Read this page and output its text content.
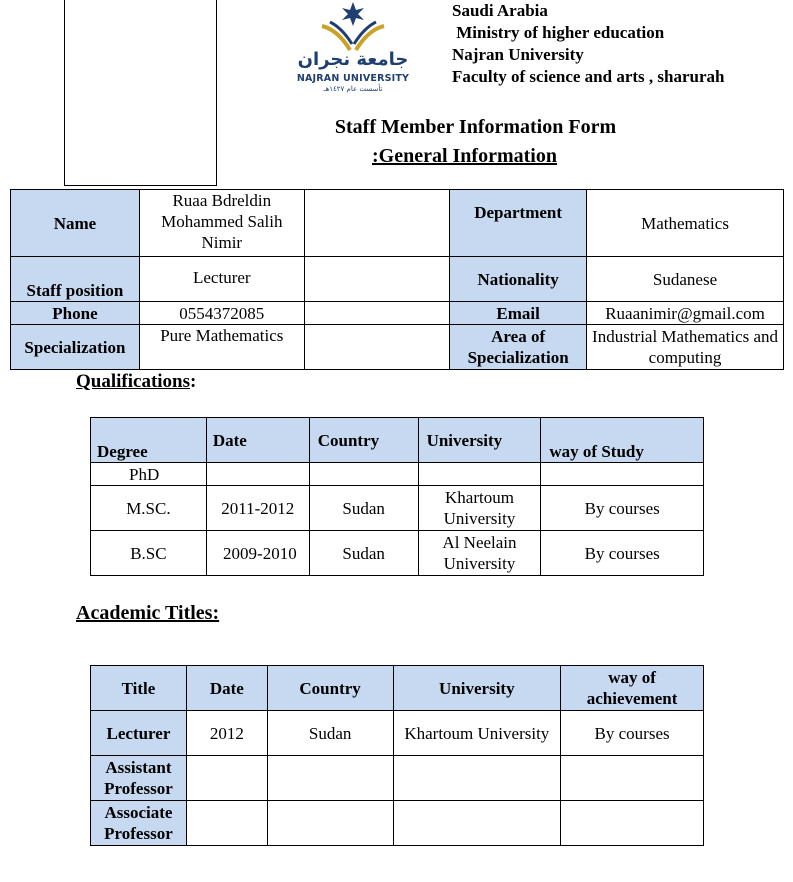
جامعة نجران
NAJRAN UNIVERSITY
تأسست عام ١٤٢٧هـ
Saudi Arabia
Ministry of higher education
Najran University
Faculty of science and arts , sharurah
Staff Member Information Form
:General Information
Name	Ruaa Bdreldin Mohammed Salih Nimir		Department	Mathematics
Staff position	Lecturer		Nationality	Sudanese
Phone	0554372085		Email	Ruaanimir@gmail.com
Specialization	Pure Mathematics		Area of Specialization	Industrial Mathematics and computing
Qualifications:
Degree	Date	Country	University	way of Study
PhD				
M.SC.	2011-2012	Sudan	Khartoum University	By courses
B.SC	2009-2010	Sudan	Al Neelain University	By courses
Academic Titles:
Title	Date	Country	University	way of achievement
Lecturer	2012	Sudan	Khartoum University	By courses
Assistant Professor				
Associate Professor				
